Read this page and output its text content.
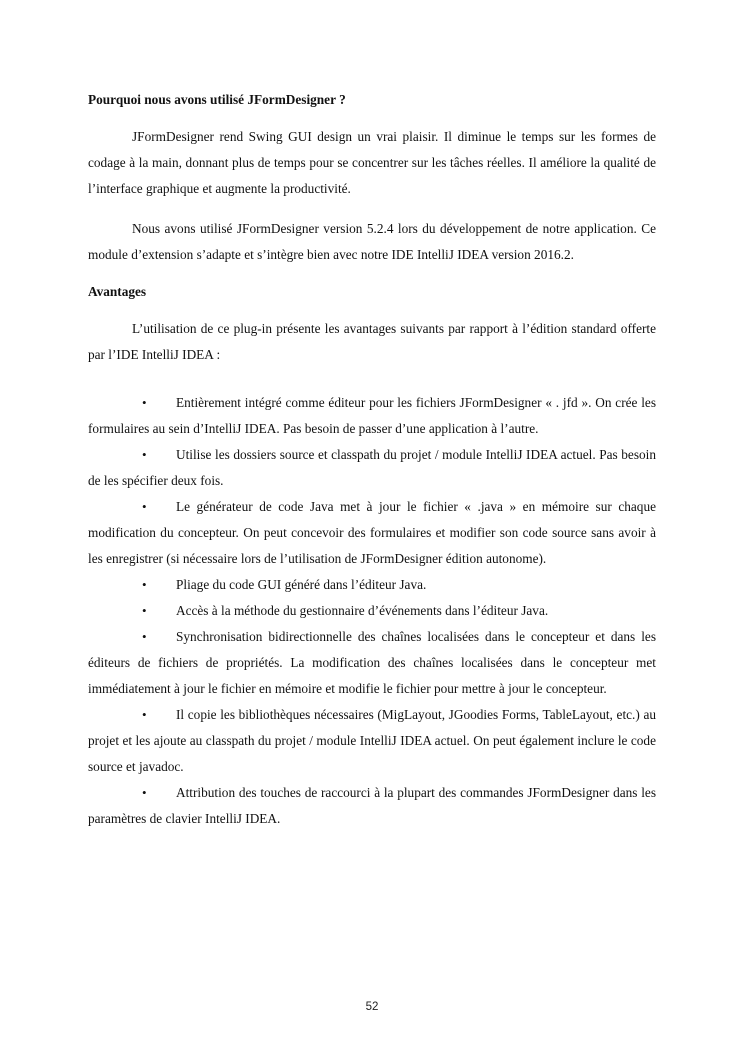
Pourquoi nous avons utilisé JFormDesigner ?

JFormDesigner rend Swing GUI design un vrai plaisir. Il diminue le temps sur les formes de codage à la main, donnant plus de temps pour se concentrer sur les tâches réelles. Il améliore la qualité de l’interface graphique et augmente la productivité.

Nous avons utilisé JFormDesigner version 5.2.4 lors du développement de notre application. Ce module d’extension s’adapte et s’intègre bien avec notre IDE IntelliJ IDEA version 2016.2.

Avantages

L’utilisation de ce plug-in présente les avantages suivants par rapport à l’édition standard offerte par l’IDE IntelliJ IDEA :

• Entièrement intégré comme éditeur pour les fichiers JFormDesigner « . jfd ». On crée les formulaires au sein d’IntelliJ IDEA. Pas besoin de passer d’une application à l’autre.
• Utilise les dossiers source et classpath du projet / module IntelliJ IDEA actuel. Pas besoin de les spécifier deux fois.
• Le générateur de code Java met à jour le fichier « .java » en mémoire sur chaque modification du concepteur. On peut concevoir des formulaires et modifier son code source sans avoir à les enregistrer (si nécessaire lors de l’utilisation de JFormDesigner édition autonome).
• Pliage du code GUI généré dans l’éditeur Java.
• Accès à la méthode du gestionnaire d’événements dans l’éditeur Java.
• Synchronisation bidirectionnelle des chaînes localisées dans le concepteur et dans les éditeurs de fichiers de propriétés. La modification des chaînes localisées dans le concepteur met immédiatement à jour le fichier en mémoire et modifie le fichier pour mettre à jour le concepteur.
• Il copie les bibliothèques nécessaires (MigLayout, JGoodies Forms, TableLayout, etc.) au projet et les ajoute au classpath du projet / module IntelliJ IDEA actuel. On peut également inclure le code source et javadoc.
• Attribution des touches de raccourci à la plupart des commandes JFormDesigner dans les paramètres de clavier IntelliJ IDEA.
52
